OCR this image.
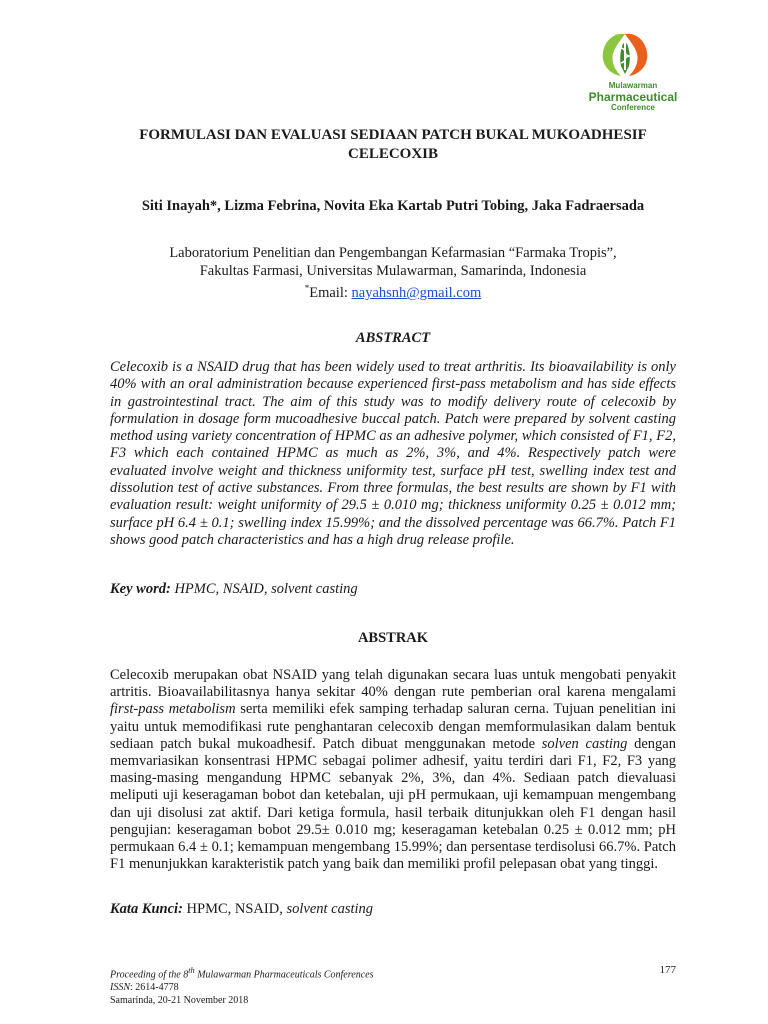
Mulawarman
Pharmaceutical
Conference
FORMULASI DAN EVALUASI SEDIAAN PATCH BUKAL MUKOADHESIF
CELECOXIB

Siti Inayah*, Lizma Febrina, Novita Eka Kartab Putri Tobing, Jaka Fadraersada

Laboratorium Penelitian dan Pengembangan Kefarmasian “Farmaka Tropis”,
Fakultas Farmasi, Universitas Mulawarman, Samarinda, Indonesia
*Email: nayahsnh@gmail.com
ABSTRACT

Celecoxib is a NSAID drug that has been widely used to treat arthritis. Its bioavailability is only 40% with an oral administration because experienced first-pass metabolism and has side effects in gastrointestinal tract. The aim of this study was to modify delivery route of celecoxib by formulation in dosage form mucoadhesive buccal patch. Patch were prepared by solvent casting method using variety concentration of HPMC as an adhesive polymer, which consisted of F1, F2, F3 which each contained HPMC as much as 2%, 3%, and 4%. Respectively patch were evaluated involve weight and thickness uniformity test, surface pH test, swelling index test and dissolution test of active substances. From three formulas, the best results are shown by F1 with evaluation result: weight uniformity of 29.5 ± 0.010 mg; thickness uniformity 0.25 ± 0.012 mm; surface pH 6.4 ± 0.1; swelling index 15.99%; and the dissolved percentage was 66.7%. Patch F1 shows good patch characteristics and has a high drug release profile.

Key word: HPMC, NSAID, solvent casting

ABSTRAK

Celecoxib merupakan obat NSAID yang telah digunakan secara luas untuk mengobati penyakit artritis. Bioavailabilitasnya hanya sekitar 40% dengan rute pemberian oral karena mengalami first-pass metabolism serta memiliki efek samping terhadap saluran cerna. Tujuan penelitian ini yaitu untuk memodifikasi rute penghantaran celecoxib dengan memformulasikan dalam bentuk sediaan patch bukal mukoadhesif. Patch dibuat menggunakan metode solven casting dengan memvariasikan konsentrasi HPMC sebagai polimer adhesif, yaitu terdiri dari F1, F2, F3 yang masing-masing mengandung HPMC sebanyak 2%, 3%, dan 4%. Sediaan patch dievaluasi meliputi uji keseragaman bobot dan ketebalan, uji pH permukaan, uji kemampuan mengembang dan uji disolusi zat aktif. Dari ketiga formula, hasil terbaik ditunjukkan oleh F1 dengan hasil pengujian: keseragaman bobot 29.5± 0.010 mg; keseragaman ketebalan 0.25 ± 0.012 mm; pH permukaan 6.4 ± 0.1; kemampuan mengembang 15.99%; dan persentase terdisolusi 66.7%. Patch F1 menunjukkan karakteristik patch yang baik dan memiliki profil pelepasan obat yang tinggi.

Kata Kunci: HPMC, NSAID, solvent casting

Proceeding of the 8th Mulawarman Pharmaceuticals Conferences
ISSN: 2614-4778
Samarinda, 20-21 November 2018
177
